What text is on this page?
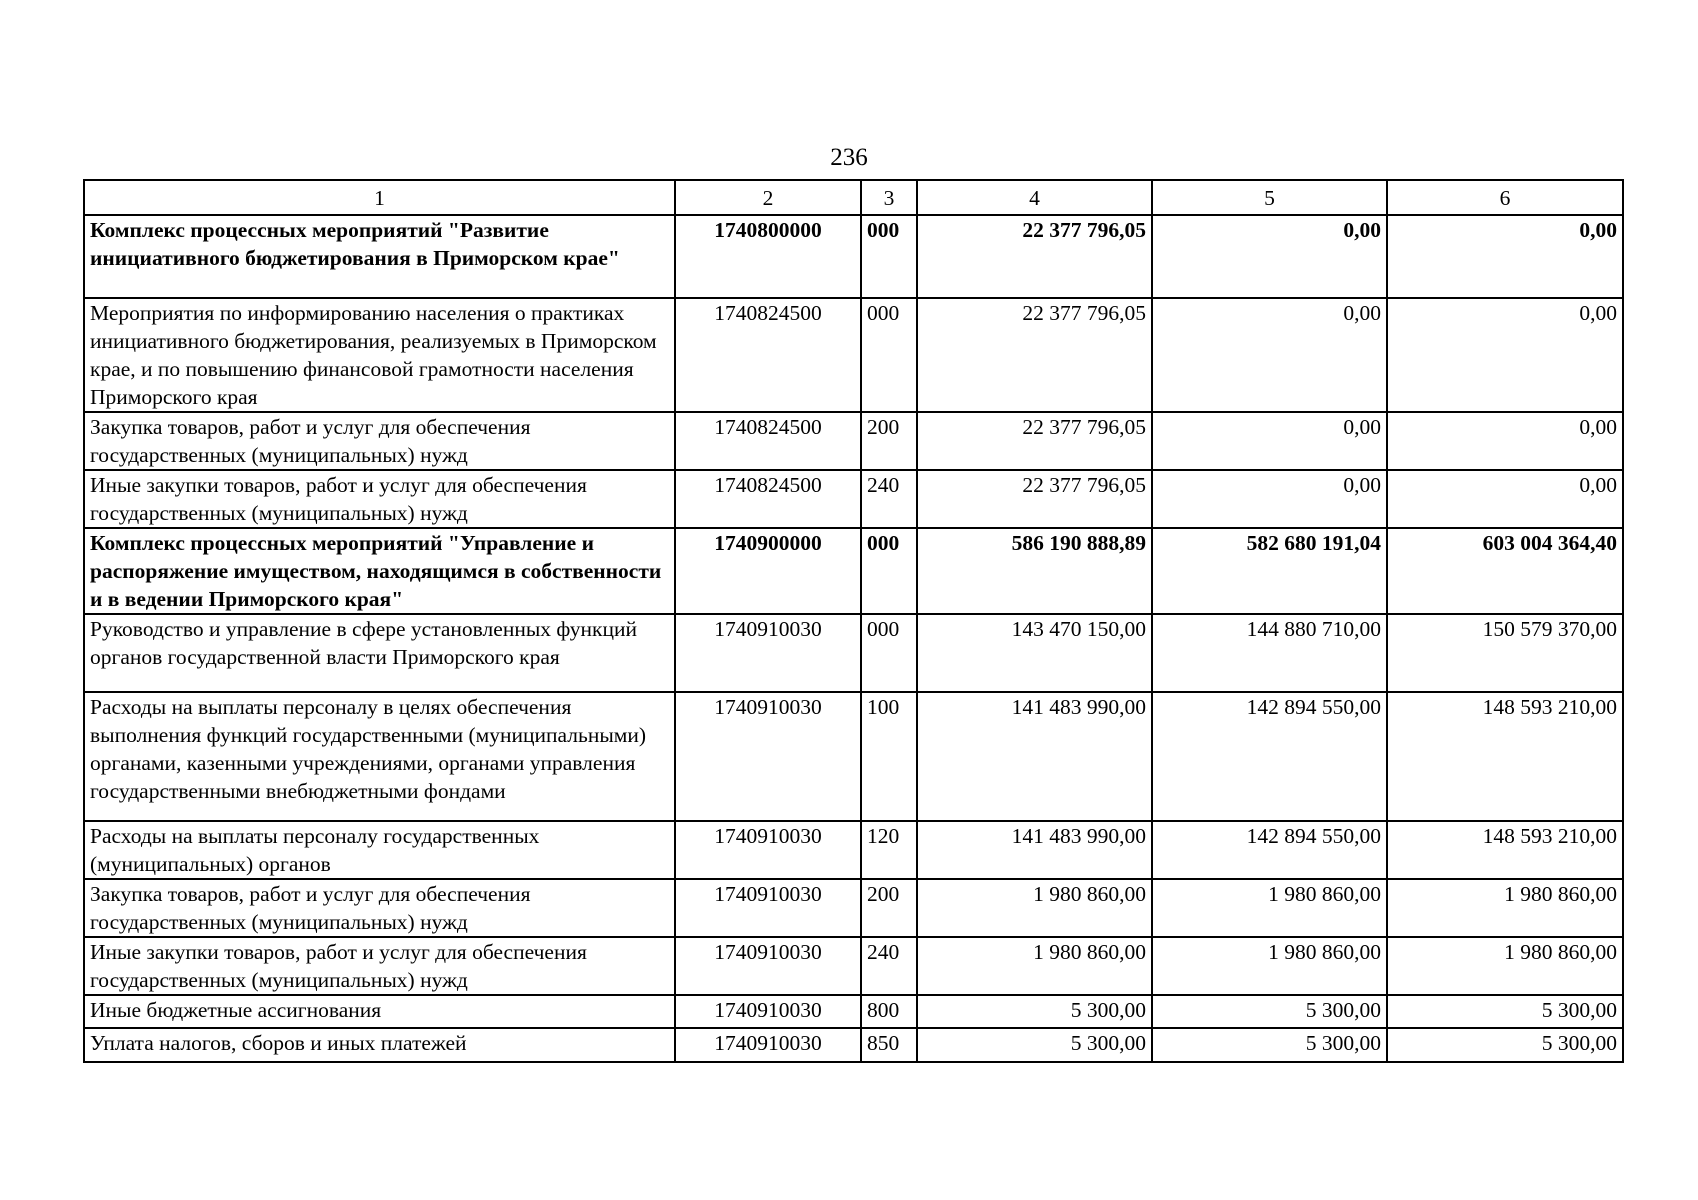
236
1	2	3	4	5	6
Комплекс процессных мероприятий "Развитие инициативного бюджетирования в Приморском крае"	1740800000	000	22 377 796,05	0,00	0,00
Мероприятия по информированию населения о практиках инициативного бюджетирования, реализуемых в Приморском крае, и по повышению финансовой грамотности населения Приморского края	1740824500	000	22 377 796,05	0,00	0,00
Закупка товаров, работ и услуг для обеспечения государственных (муниципальных) нужд	1740824500	200	22 377 796,05	0,00	0,00
Иные закупки товаров, работ и услуг для обеспечения государственных (муниципальных) нужд	1740824500	240	22 377 796,05	0,00	0,00
Комплекс процессных мероприятий "Управление и распоряжение имуществом, находящимся в собственности и в ведении Приморского края"	1740900000	000	586 190 888,89	582 680 191,04	603 004 364,40
Руководство и управление в сфере установленных функций органов государственной власти Приморского края	1740910030	000	143 470 150,00	144 880 710,00	150 579 370,00
Расходы на выплаты персоналу в целях обеспечения выполнения функций государственными (муниципальными) органами, казенными учреждениями, органами управления государственными внебюджетными фондами	1740910030	100	141 483 990,00	142 894 550,00	148 593 210,00
Расходы на выплаты персоналу государственных (муниципальных) органов	1740910030	120	141 483 990,00	142 894 550,00	148 593 210,00
Закупка товаров, работ и услуг для обеспечения государственных (муниципальных) нужд	1740910030	200	1 980 860,00	1 980 860,00	1 980 860,00
Иные закупки товаров, работ и услуг для обеспечения государственных (муниципальных) нужд	1740910030	240	1 980 860,00	1 980 860,00	1 980 860,00
Иные бюджетные ассигнования	1740910030	800	5 300,00	5 300,00	5 300,00
Уплата налогов, сборов и иных платежей	1740910030	850	5 300,00	5 300,00	5 300,00
